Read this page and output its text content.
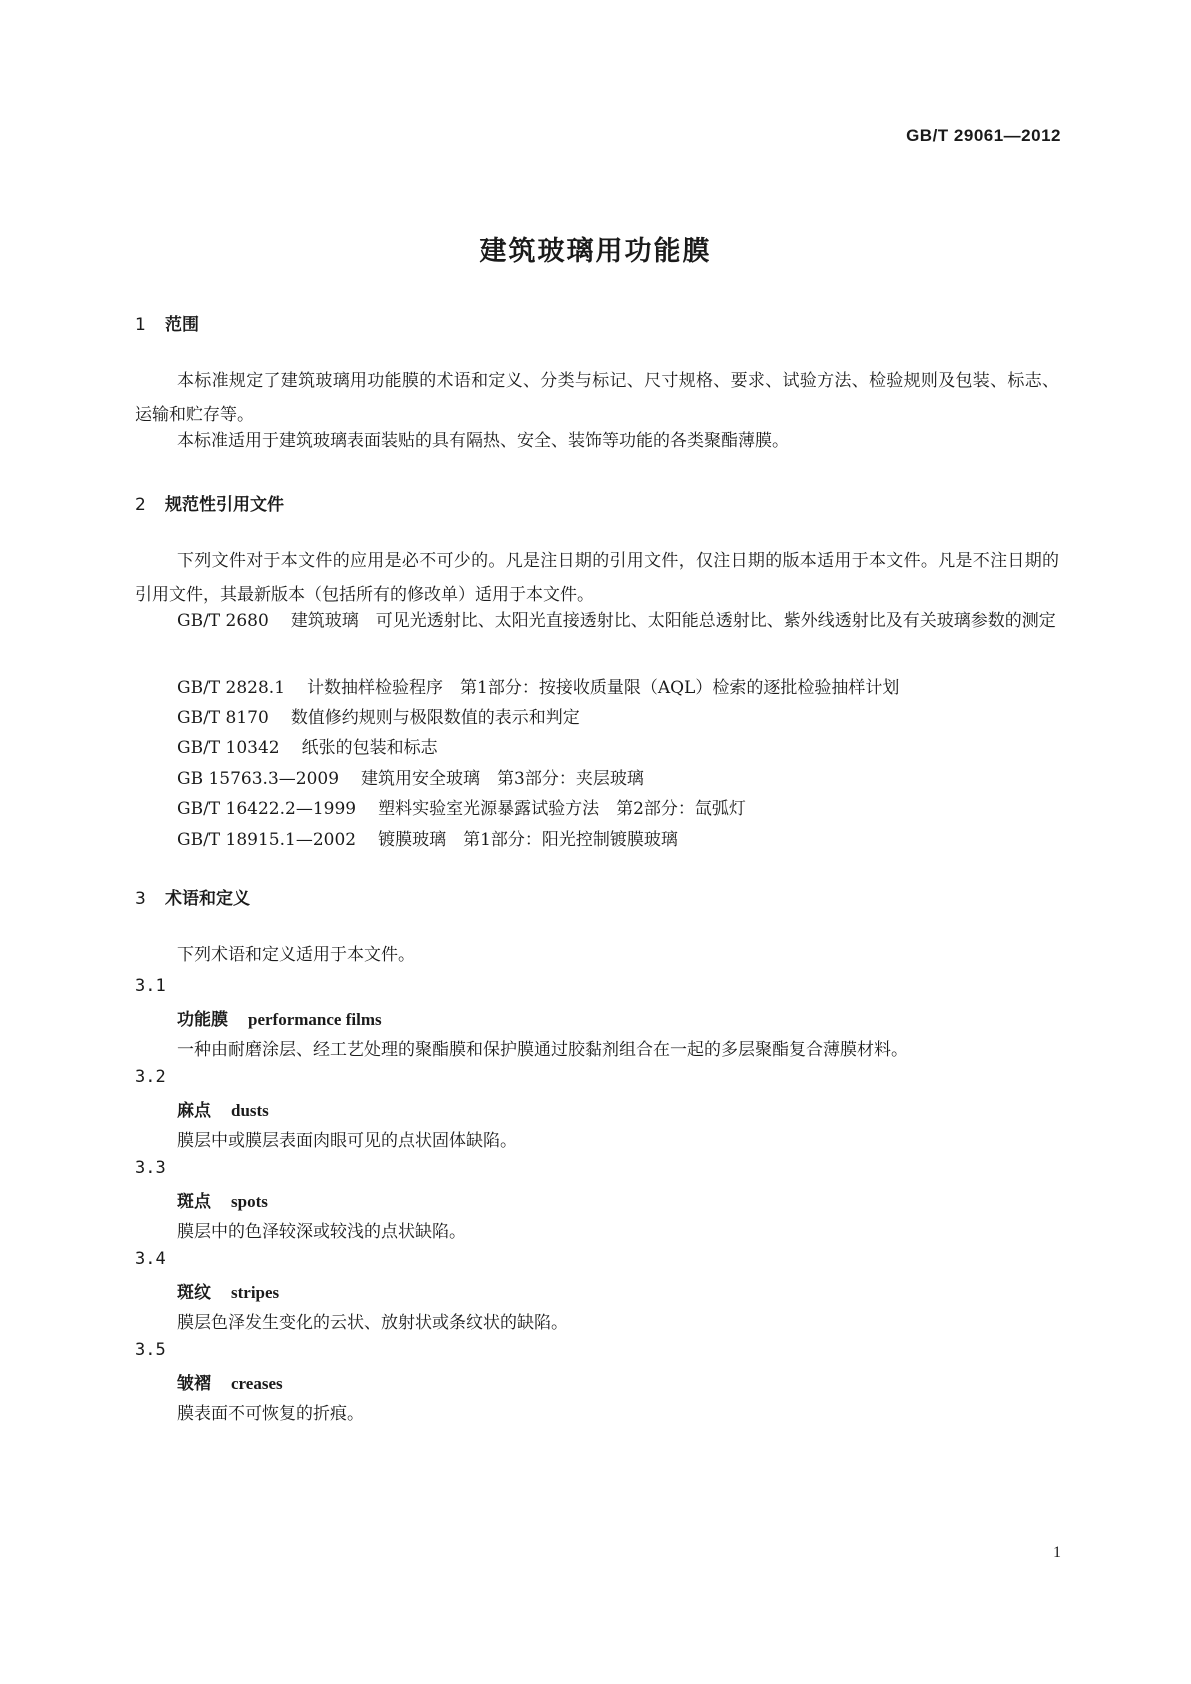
GB/T 29061—2012
建筑玻璃用功能膜
1 范围
本标准规定了建筑玻璃用功能膜的术语和定义、分类与标记、尺寸规格、要求、试验方法、检验规则及包装、标志、运输和贮存等。
本标准适用于建筑玻璃表面装贴的具有隔热、安全、装饰等功能的各类聚酯薄膜。
2 规范性引用文件
下列文件对于本文件的应用是必不可少的。凡是注日期的引用文件，仅注日期的版本适用于本文件。凡是不注日期的引用文件，其最新版本（包括所有的修改单）适用于本文件。
GB/T 2680 建筑玻璃　可见光透射比、太阳光直接透射比、太阳能总透射比、紫外线透射比及有关玻璃参数的测定
GB/T 2828.1 计数抽样检验程序　第1部分：按接收质量限（AQL）检索的逐批检验抽样计划
GB/T 8170 数值修约规则与极限数值的表示和判定
GB/T 10342 纸张的包装和标志
GB 15763.3—2009 建筑用安全玻璃　第3部分：夹层玻璃
GB/T 16422.2—1999 塑料实验室光源暴露试验方法　第2部分：氙弧灯
GB/T 18915.1—2002 镀膜玻璃　第1部分：阳光控制镀膜玻璃
3 术语和定义
下列术语和定义适用于本文件。
3.1
功能膜 performance films
一种由耐磨涂层、经工艺处理的聚酯膜和保护膜通过胶黏剂组合在一起的多层聚酯复合薄膜材料。
3.2
麻点 dusts
膜层中或膜层表面肉眼可见的点状固体缺陷。
3.3
斑点 spots
膜层中的色泽较深或较浅的点状缺陷。
3.4
斑纹 stripes
膜层色泽发生变化的云状、放射状或条纹状的缺陷。
3.5
皱褶 creases
膜表面不可恢复的折痕。
1
